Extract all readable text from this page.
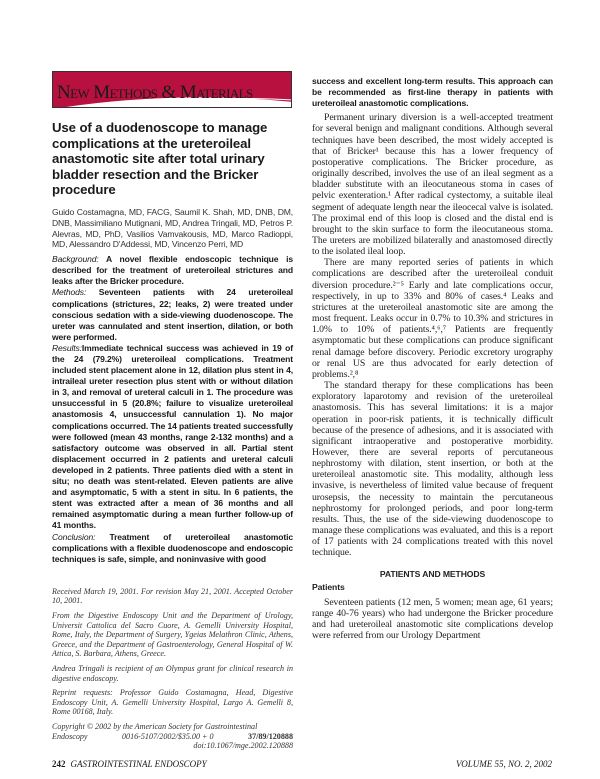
New Methods & Materials
Use of a duodenoscope to manage complications at the ureteroileal anastomotic site after total urinary bladder resection and the Bricker procedure
Guido Costamagna, MD, FACG, Saumil K. Shah, MD, DNB, DM, DNB, Massimiliano Mutignani, MD, Andrea Tringali, MD, Petros P. Alevras, MD, PhD, Vasilios Vamvakousis, MD, Marco Radioppi, MD, Alessandro D'Addessi, MD, Vincenzo Perri, MD

Background: A novel flexible endoscopic technique is described for the treatment of ureteroileal strictures and leaks after the Bricker procedure.

Methods: Seventeen patients with 24 ureteroileal complications (strictures, 22; leaks, 2) were treated under conscious sedation with a side-viewing duodenoscope. The ureter was cannulated and stent insertion, dilation, or both were performed.

Results:Immediate technical success was achieved in 19 of the 24 (79.2%) ureteroileal complications. Treatment included stent placement alone in 12, dilation plus stent in 4, intraileal ureter resection plus stent with or without dilation in 3, and removal of ureteral calculi in 1. The procedure was unsuccessful in 5 (20.8%; failure to visualize ureteroileal anastomosis 4, unsuccessful cannulation 1). No major complications occurred. The 14 patients treated successfully were followed (mean 43 months, range 2-132 months) and a satisfactory outcome was observed in all. Partial stent displacement occurred in 2 patients and ureteral calculi developed in 2 patients. Three patients died with a stent in situ; no death was stent-related. Eleven patients are alive and asymptomatic, 5 with a stent in situ. In 6 patients, the stent was extracted after a mean of 36 months and all remained asymptomatic during a mean further follow-up of 41 months.

Conclusion: Treatment of ureteroileal anastomotic complications with a flexible duodenoscope and endoscopic techniques is safe, simple, and noninvasive with good

Received March 19, 2001. For revision May 21, 2001. Accepted October 10, 2001.

From the Digestive Endoscopy Unit and the Department of Urology, Universit Cattolica del Sacro Cuore, A. Gemelli University Hospital, Rome, Italy, the Department of Surgery, Ygeias Melathron Clinic, Athens, Greece, and the Department of Gastroenterology, General Hospital of W. Attica, S. Barbara, Athens, Greece.

Andrea Tringali is recipient of an Olympus grant for clinical research in digestive endoscopy.

Reprint requests: Professor Guido Costamagna, Head, Digestive Endoscopy Unit, A. Gemelli University Hospital, Largo A. Gemelli 8, Rome 00168, Italy.

Copyright © 2002 by the American Society for Gastrointestinal
Endoscopy	0016-5107/2002/$35.00 + 0	37/89/120888
doi:10.1067/mge.2002.120888

success and excellent long-term results. This approach can be recommended as first-line therapy in patients with ureteroileal anastomotic complications.

Permanent urinary diversion is a well-accepted treatment for several benign and malignant conditions. Although several techniques have been described, the most widely accepted is that of Bricker¹ because this has a lower frequency of postoperative complications. The Bricker procedure, as originally described, involves the use of an ileal segment as a bladder substitute with an ileocutaneous stoma in cases of pelvic exenteration.¹ After radical cystectomy, a suitable ileal segment of adequate length near the ileocecal valve is isolated. The proximal end of this loop is closed and the distal end is brought to the skin surface to form the ileocutaneous stoma. The ureters are mobilized bilaterally and anastomosed directly to the isolated ileal loop.

There are many reported series of patients in which complications are described after the ureteroileal conduit diversion procedure.²⁻⁵ Early and late complications occur, respectively, in up to 33% and 80% of cases.⁴ Leaks and strictures at the ureteroileal anastomotic site are among the most frequent. Leaks occur in 0.7% to 10.3% and strictures in 1.0% to 10% of patients.⁴,⁶,⁷ Patients are frequently asymptomatic but these complications can produce significant renal damage before discovery. Periodic excretory urography or renal US are thus advocated for early detection of problems.²,⁸

The standard therapy for these complications has been exploratory laparotomy and revision of the ureteroileal anastomosis. This has several limitations: it is a major operation in poor-risk patients, it is technically difficult because of the presence of adhesions, and it is associated with significant intraoperative and postoperative morbidity. However, there are several reports of percutaneous nephrostomy with dilation, stent insertion, or both at the ureteroileal anastomotic site. This modality, although less invasive, is nevertheless of limited value because of frequent urosepsis, the necessity to maintain the percutaneous nephrostomy for prolonged periods, and poor long-term results. Thus, the use of the side-viewing duodenoscope to manage these complications was evaluated, and this is a report of 17 patients with 24 complications treated with this novel technique.

PATIENTS AND METHODS
Patients

Seventeen patients (12 men, 5 women; mean age, 61 years; range 40-76 years) who had undergone the Bricker procedure and had ureteroileal anastomotic site complications develop were referred from our Urology Department

242 GASTROINTESTINAL ENDOSCOPY	VOLUME 55, NO. 2, 2002
